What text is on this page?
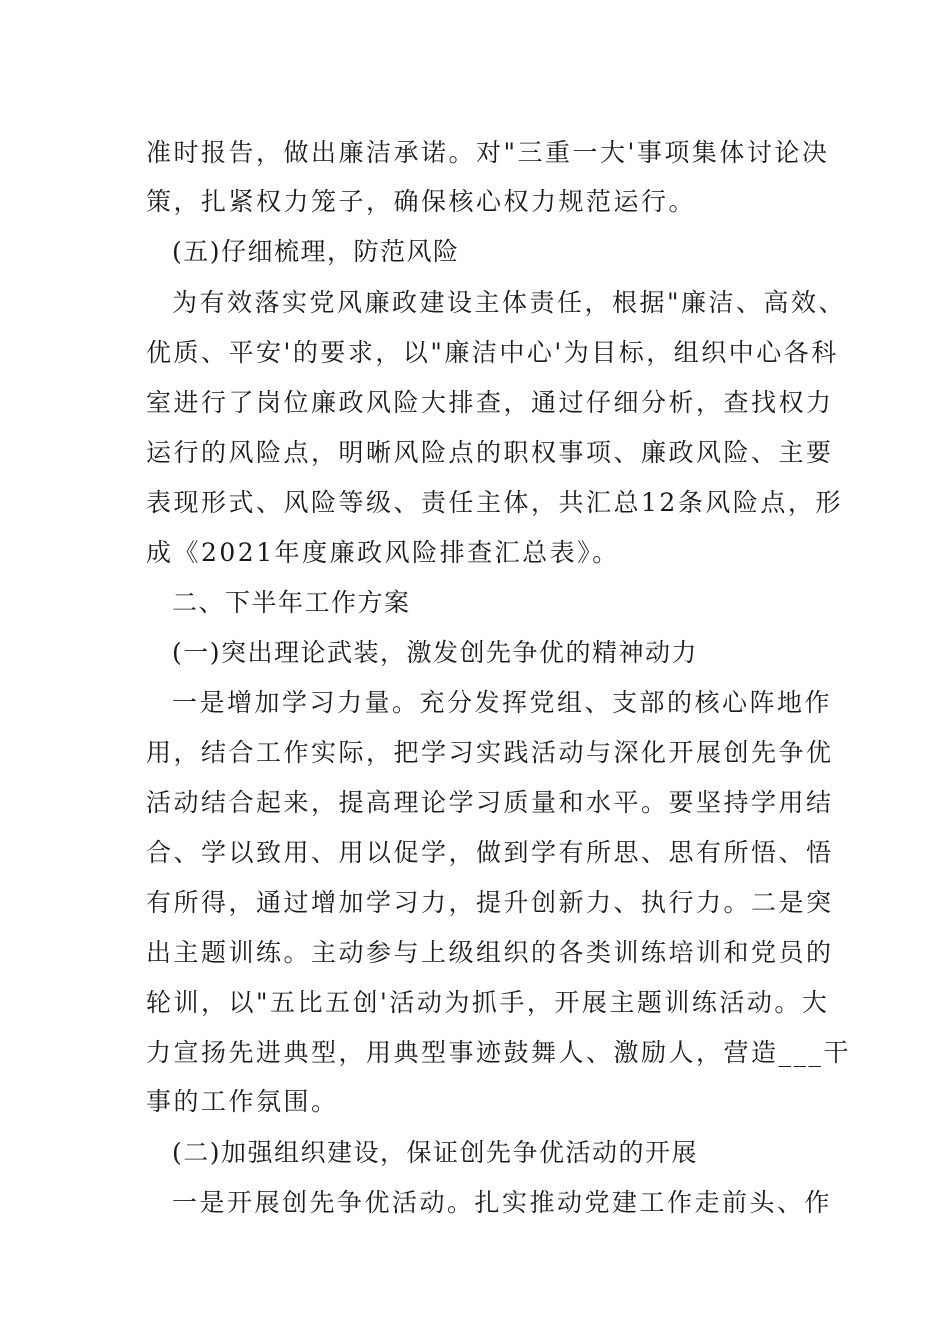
准时报告，做出廉洁承诺。对"三重一大'事项集体讨论决
策，扎紧权力笼子，确保核心权力规范运行。
(五)仔细梳理，防范风险
为有效落实党风廉政建设主体责任，根据"廉洁、高效、
优质、平安'的要求，以"廉洁中心'为目标，组织中心各科
室进行了岗位廉政风险大排查，通过仔细分析，查找权力
运行的风险点，明晰风险点的职权事项、廉政风险、主要
表现形式、风险等级、责任主体，共汇总12条风险点，形
成《2021年度廉政风险排查汇总表》。
二、下半年工作方案
(一)突出理论武装，激发创先争优的精神动力
一是增加学习力量。充分发挥党组、支部的核心阵地作
用，结合工作实际，把学习实践活动与深化开展创先争优
活动结合起来，提高理论学习质量和水平。要坚持学用结
合、学以致用、用以促学，做到学有所思、思有所悟、悟
有所得，通过增加学习力，提升创新力、执行力。二是突
出主题训练。主动参与上级组织的各类训练培训和党员的
轮训，以"五比五创'活动为抓手，开展主题训练活动。大
力宣扬先进典型，用典型事迹鼓舞人、激励人，营造___干
事的工作氛围。
(二)加强组织建设，保证创先争优活动的开展
一是开展创先争优活动。扎实推动党建工作走前头、作
